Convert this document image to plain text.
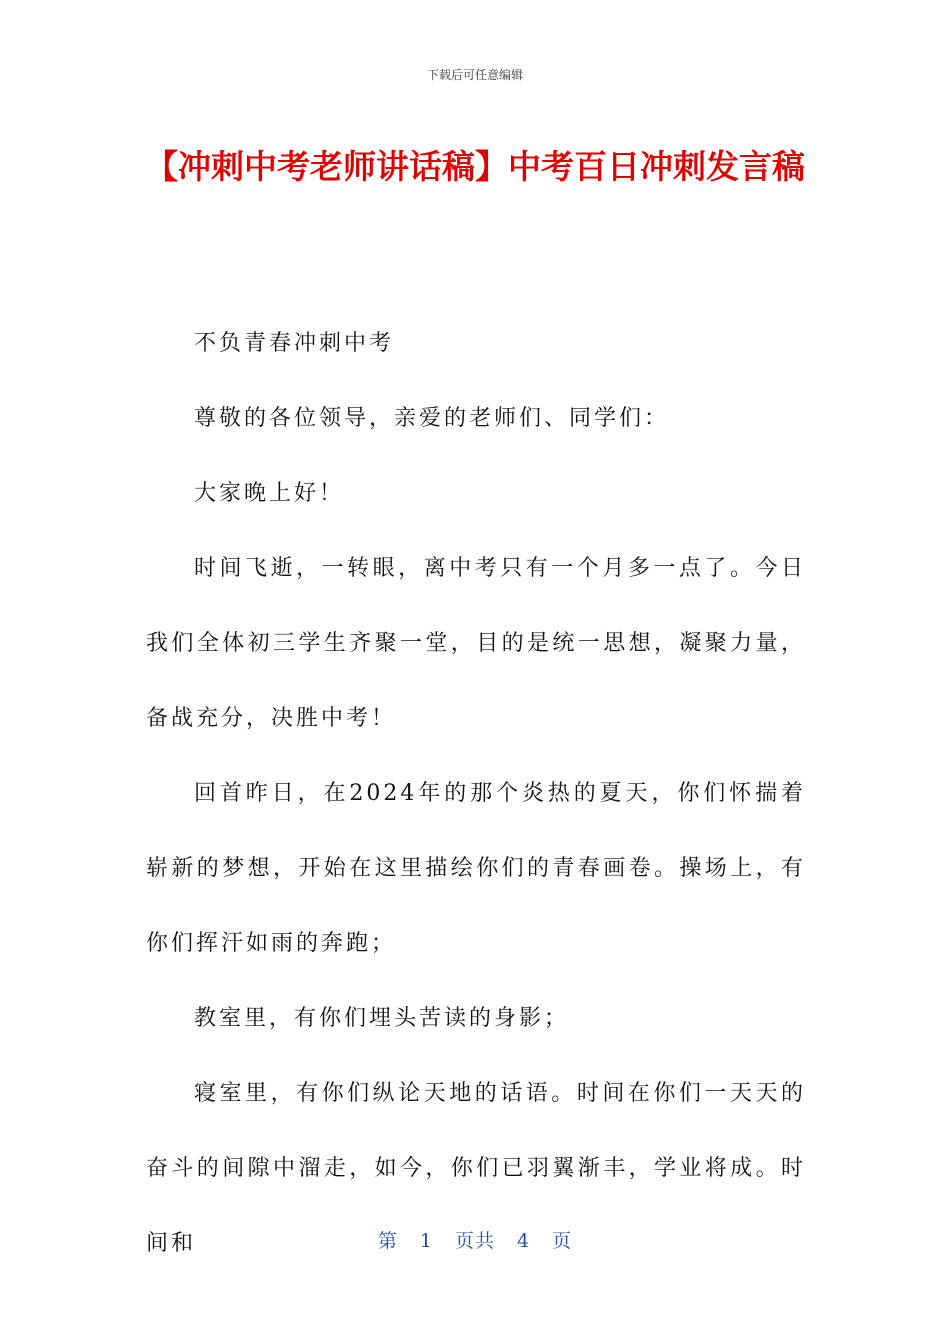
下载后可任意编辑
【冲刺中考老师讲话稿】中考百日冲刺发言稿
不负青春冲刺中考
尊敬的各位领导，亲爱的老师们、同学们：
大家晚上好！
时间飞逝，一转眼，离中考只有一个月多一点了。今日我们全体初三学生齐聚一堂，目的是统一思想，凝聚力量，备战充分，决胜中考！
回首昨日，在2024年的那个炎热的夏天，你们怀揣着崭新的梦想，开始在这里描绘你们的青春画卷。操场上，有你们挥汗如雨的奔跑；
教室里，有你们埋头苦读的身影；
寝室里，有你们纵论天地的话语。时间在你们一天天的奋斗的间隙中溜走，如今，你们已羽翼渐丰，学业将成。时间和	第 1 页共 4 页
